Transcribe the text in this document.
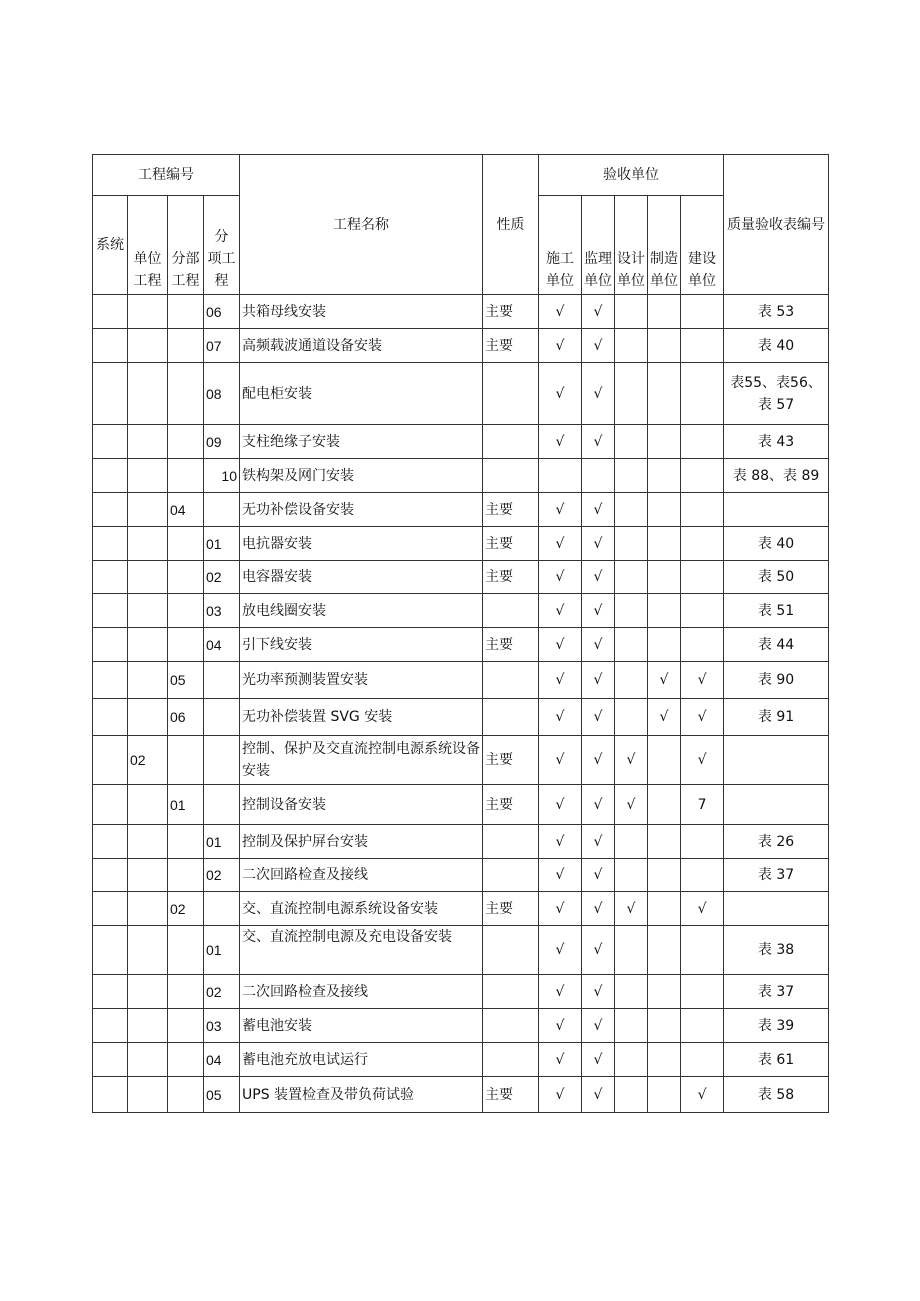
工程编号				工程名称	性质	验收单位					质量验收表编号
系统	单位工程	分部工程	分 项工程			施工单位	监理单位	设计单位	制造单位	建设单位	
			06	共箱母线安装	主要	√	√				表 53
			07	高频载波通道设备安装	主要	√	√				表 40
			08	配电柜安装		√	√				表55、表56、表 57
			09	支柱绝缘子安装		√	√				表 43
			10	铁构架及网门安装							表 88、表 89
		04		无功补偿设备安装	主要	√	√				
			01	电抗器安装	主要	√	√				表 40
			02	电容器安装	主要	√	√				表 50
			03	放电线圈安装		√	√				表 51
			04	引下线安装	主要	√	√				表 44
		05		光功率预测装置安装		√	√		√	√	表 90
		06		无功补偿装置 SVG 安装		√	√		√	√	表 91
	02			控制、保护及交直流控制电源系统设备安装	主要	√	√	√		√	
		01		控制设备安装	主要	√	√	√		7	
			01	控制及保护屏台安装		√	√				表 26
			02	二次回路检查及接线		√	√				表 37
		02		交、直流控制电源系统设备安装	主要	√	√	√		√	
			01	交、直流控制电源及充电设备安装		√	√				表 38
			02	二次回路检查及接线		√	√				表 37
			03	蓄电池安装		√	√				表 39
			04	蓄电池充放电试运行		√	√				表 61
			05	UPS 装置检查及带负荷试验	主要	√	√			√	表 58
